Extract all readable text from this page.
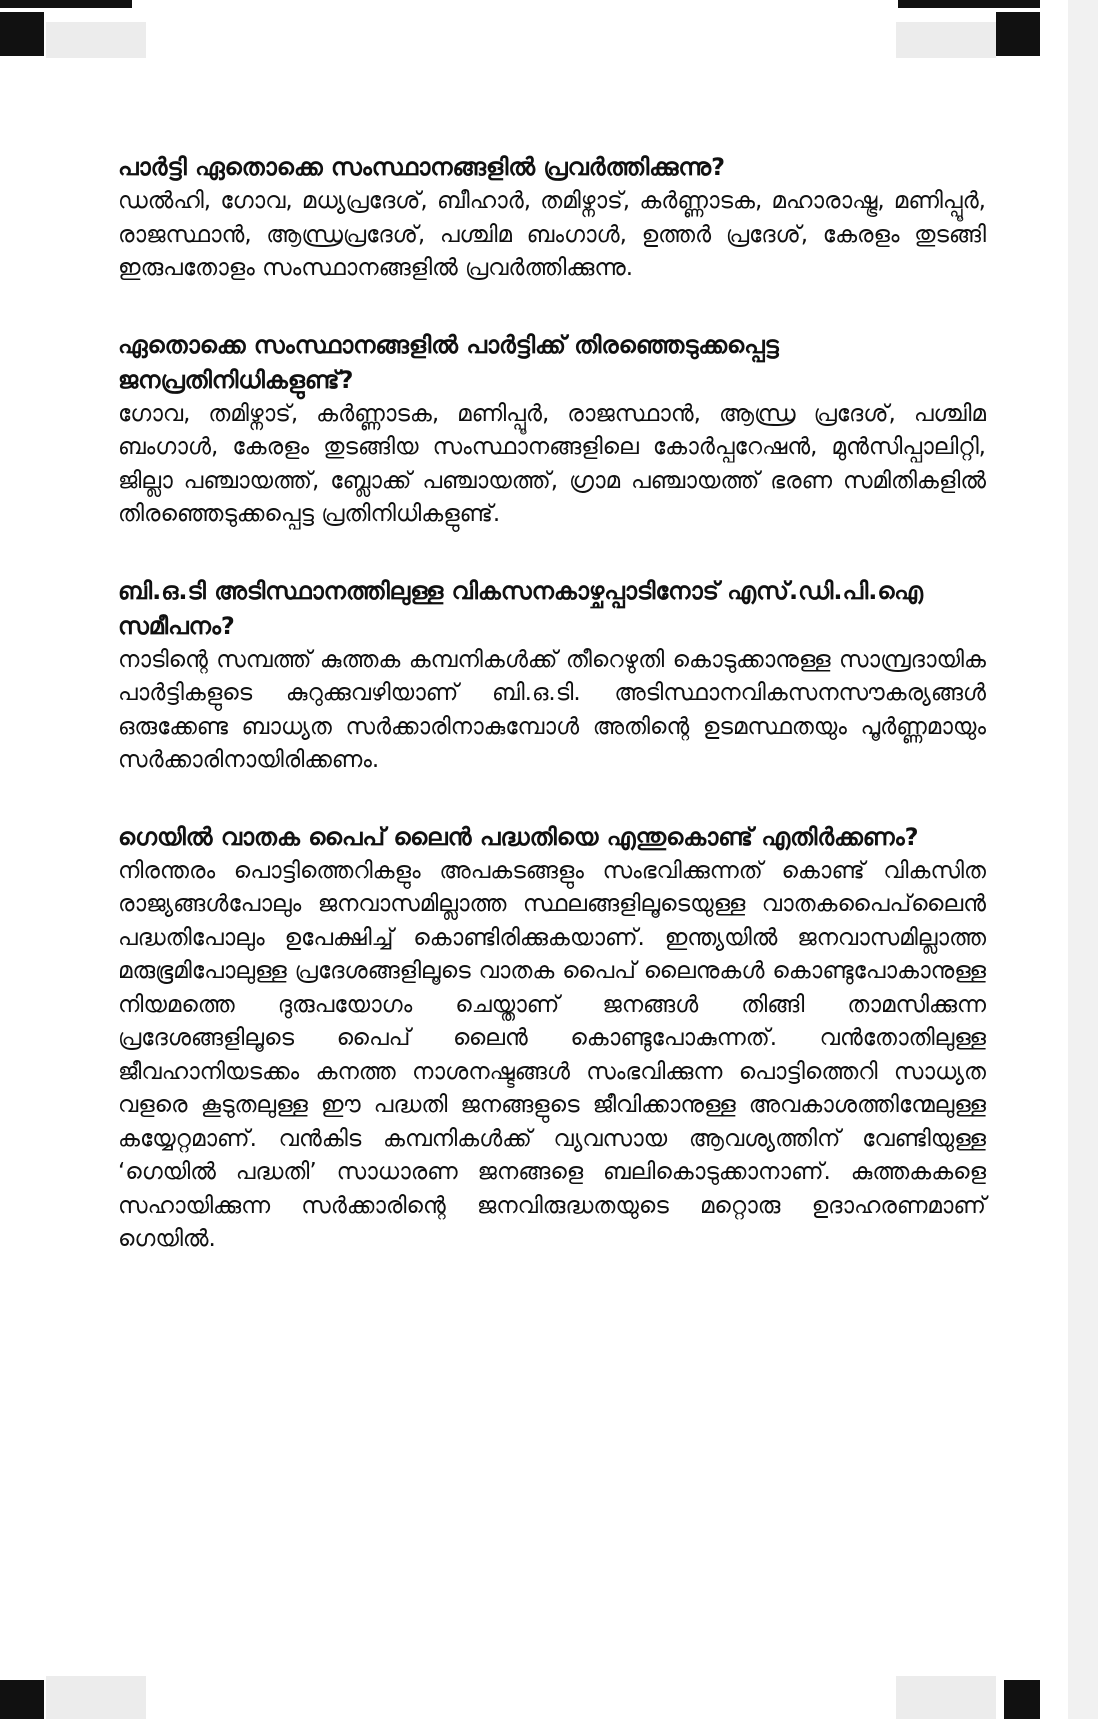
പാർട്ടി ഏതൊക്കെ സംസ്ഥാനങ്ങളിൽ പ്രവർത്തിക്കുന്നു?

ഡൽഹി, ഗോവ, മധ്യപ്രദേശ്, ബീഹാർ, തമിഴ്നാട്, കർണ്ണാടക, മഹാരാഷ്ട്ര, മണിപ്പൂർ, രാജസ്ഥാൻ, ആന്ധ്രപ്രദേശ്, പശ്ചിമ ബംഗാൾ, ഉത്തർ പ്രദേശ്, കേരളം തുടങ്ങി ഇരുപതോളം സംസ്ഥാനങ്ങളിൽ പ്രവർത്തിക്കുന്നു.

ഏതൊക്കെ സംസ്ഥാനങ്ങളിൽ പാർട്ടിക്ക് തിരഞ്ഞെടുക്കപ്പെട്ട ജനപ്രതിനിധികളുണ്ട്?

ഗോവ, തമിഴ്നാട്, കർണ്ണാടക, മണിപ്പൂർ, രാജസ്ഥാൻ, ആന്ധ്ര പ്രദേശ്, പശ്ചിമ ബംഗാൾ, കേരളം തുടങ്ങിയ സംസ്ഥാനങ്ങളിലെ കോർപ്പറേഷൻ, മുൻസിപ്പാലിറ്റി, ജില്ലാ പഞ്ചായത്ത്, ബ്ലോക്ക് പഞ്ചായത്ത്, ഗ്രാമ പഞ്ചായത്ത് ഭരണ സമിതികളിൽ തിരഞ്ഞെടുക്കപ്പെട്ട പ്രതിനിധികളുണ്ട്.

ബി.ഒ.ടി അടിസ്ഥാനത്തിലുള്ള വികസനകാഴ്ചപ്പാടിനോട് എസ്.ഡി.പി.ഐ സമീപനം?

നാടിന്റെ സമ്പത്ത് കുത്തക കമ്പനികൾക്ക് തീറെഴുതി കൊടുക്കാനുള്ള സാമ്പ്രദായിക പാർട്ടികളുടെ കുറുക്കുവഴിയാണ് ബി.ഒ.ടി. അടിസ്ഥാനവികസനസൗകര്യങ്ങൾ ഒരുക്കേണ്ട ബാധ്യത സർക്കാരിനാകുമ്പോൾ അതിന്റെ ഉടമസ്ഥതയും പൂർണ്ണമായും സർക്കാരിനായിരിക്കണം.

ഗെയിൽ വാതക പൈപ് ലൈൻ പദ്ധതിയെ എന്തുകൊണ്ട് എതിർക്കണം?

നിരന്തരം പൊട്ടിത്തെറികളും അപകടങ്ങളും സംഭവിക്കുന്നത് കൊണ്ട് വികസിത രാജ്യങ്ങൾപോലും ജനവാസമില്ലാത്ത സ്ഥലങ്ങളിലൂടെയുള്ള വാതകപൈപ്‌ലൈൻ പദ്ധതിപോലും ഉപേക്ഷിച്ച് കൊണ്ടിരിക്കുകയാണ്. ഇന്ത്യയിൽ ജനവാസമില്ലാത്ത മരുഭൂമിപോലുള്ള പ്രദേശങ്ങളിലൂടെ വാതക പൈപ് ലൈനുകൾ കൊണ്ടുപോകാനുള്ള നിയമത്തെ ദുരുപയോഗം ചെയ്താണ് ജനങ്ങൾ തിങ്ങി താമസിക്കുന്ന പ്രദേശങ്ങളിലൂടെ പൈപ് ലൈൻ കൊണ്ടുപോകുന്നത്. വൻതോതിലുള്ള ജീവഹാനിയടക്കം കനത്ത നാശനഷ്ടങ്ങൾ സംഭവിക്കുന്ന പൊട്ടിത്തെറി സാധ്യത വളരെ കൂടുതലുള്ള ഈ പദ്ധതി ജനങ്ങളുടെ ജീവിക്കാനുള്ള അവകാശത്തിന്മേലുള്ള കയ്യേറ്റമാണ്. വൻകിട കമ്പനികൾക്ക് വ്യവസായ ആവശ്യത്തിന് വേണ്ടിയുള്ള ‘ഗെയിൽ പദ്ധതി’ സാധാരണ ജനങ്ങളെ ബലികൊടുക്കാനാണ്. കുത്തകകളെ സഹായിക്കുന്ന സർക്കാരിന്റെ ജനവിരുദ്ധതയുടെ മറ്റൊരു ഉദാഹരണമാണ് ഗെയിൽ.
